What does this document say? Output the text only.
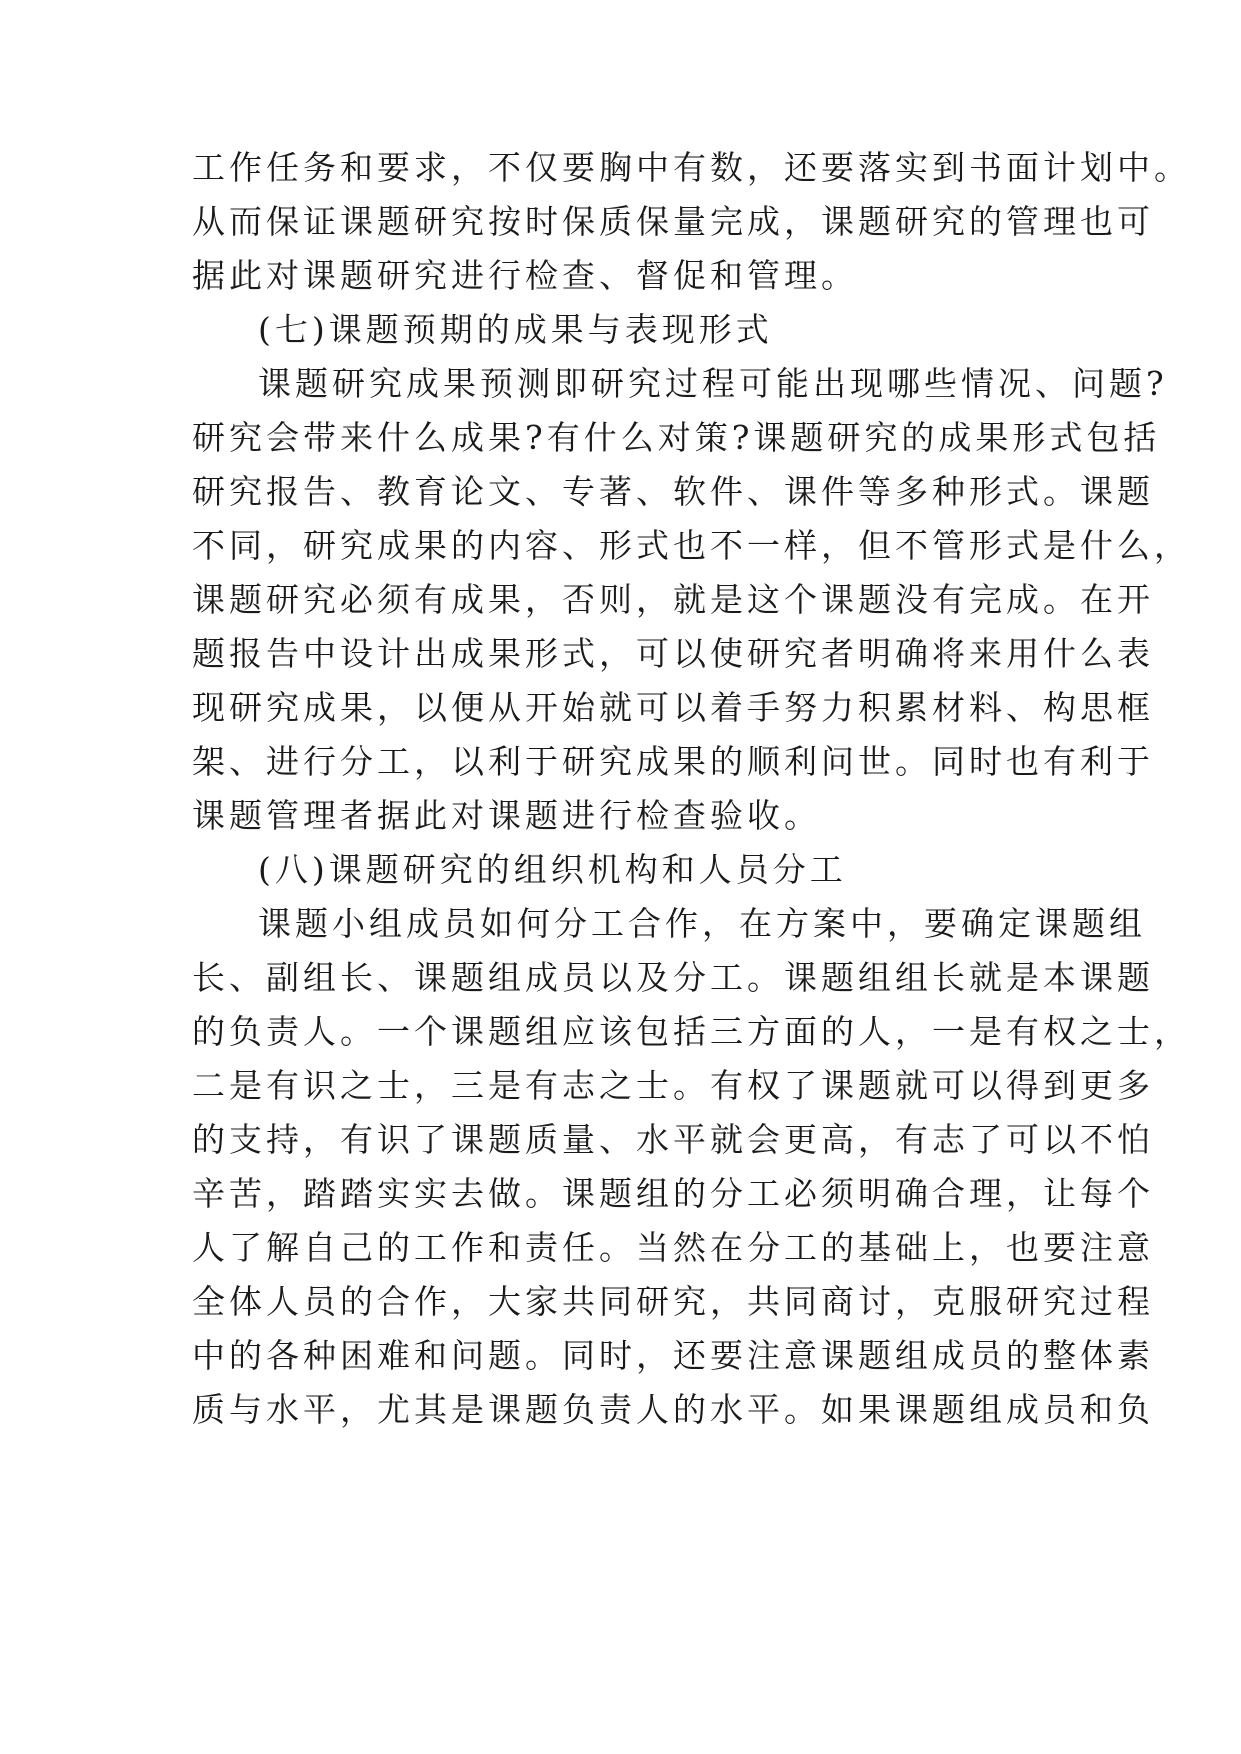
工作任务和要求，不仅要胸中有数，还要落实到书面计划中。
从而保证课题研究按时保质保量完成，课题研究的管理也可
据此对课题研究进行检查、督促和管理。
(七)课题预期的成果与表现形式
课题研究成果预测即研究过程可能出现哪些情况、问题?
研究会带来什么成果?有什么对策?课题研究的成果形式包括
研究报告、教育论文、专著、软件、课件等多种形式。课题
不同，研究成果的内容、形式也不一样，但不管形式是什么，
课题研究必须有成果，否则，就是这个课题没有完成。在开
题报告中设计出成果形式，可以使研究者明确将来用什么表
现研究成果，以便从开始就可以着手努力积累材料、构思框
架、进行分工，以利于研究成果的顺利问世。同时也有利于
课题管理者据此对课题进行检查验收。
(八)课题研究的组织机构和人员分工
课题小组成员如何分工合作，在方案中，要确定课题组
长、副组长、课题组成员以及分工。课题组组长就是本课题
的负责人。一个课题组应该包括三方面的人，一是有权之士，
二是有识之士，三是有志之士。有权了课题就可以得到更多
的支持，有识了课题质量、水平就会更高，有志了可以不怕
辛苦，踏踏实实去做。课题组的分工必须明确合理，让每个
人了解自己的工作和责任。当然在分工的基础上，也要注意
全体人员的合作，大家共同研究，共同商讨，克服研究过程
中的各种困难和问题。同时，还要注意课题组成员的整体素
质与水平，尤其是课题负责人的水平。如果课题组成员和负
